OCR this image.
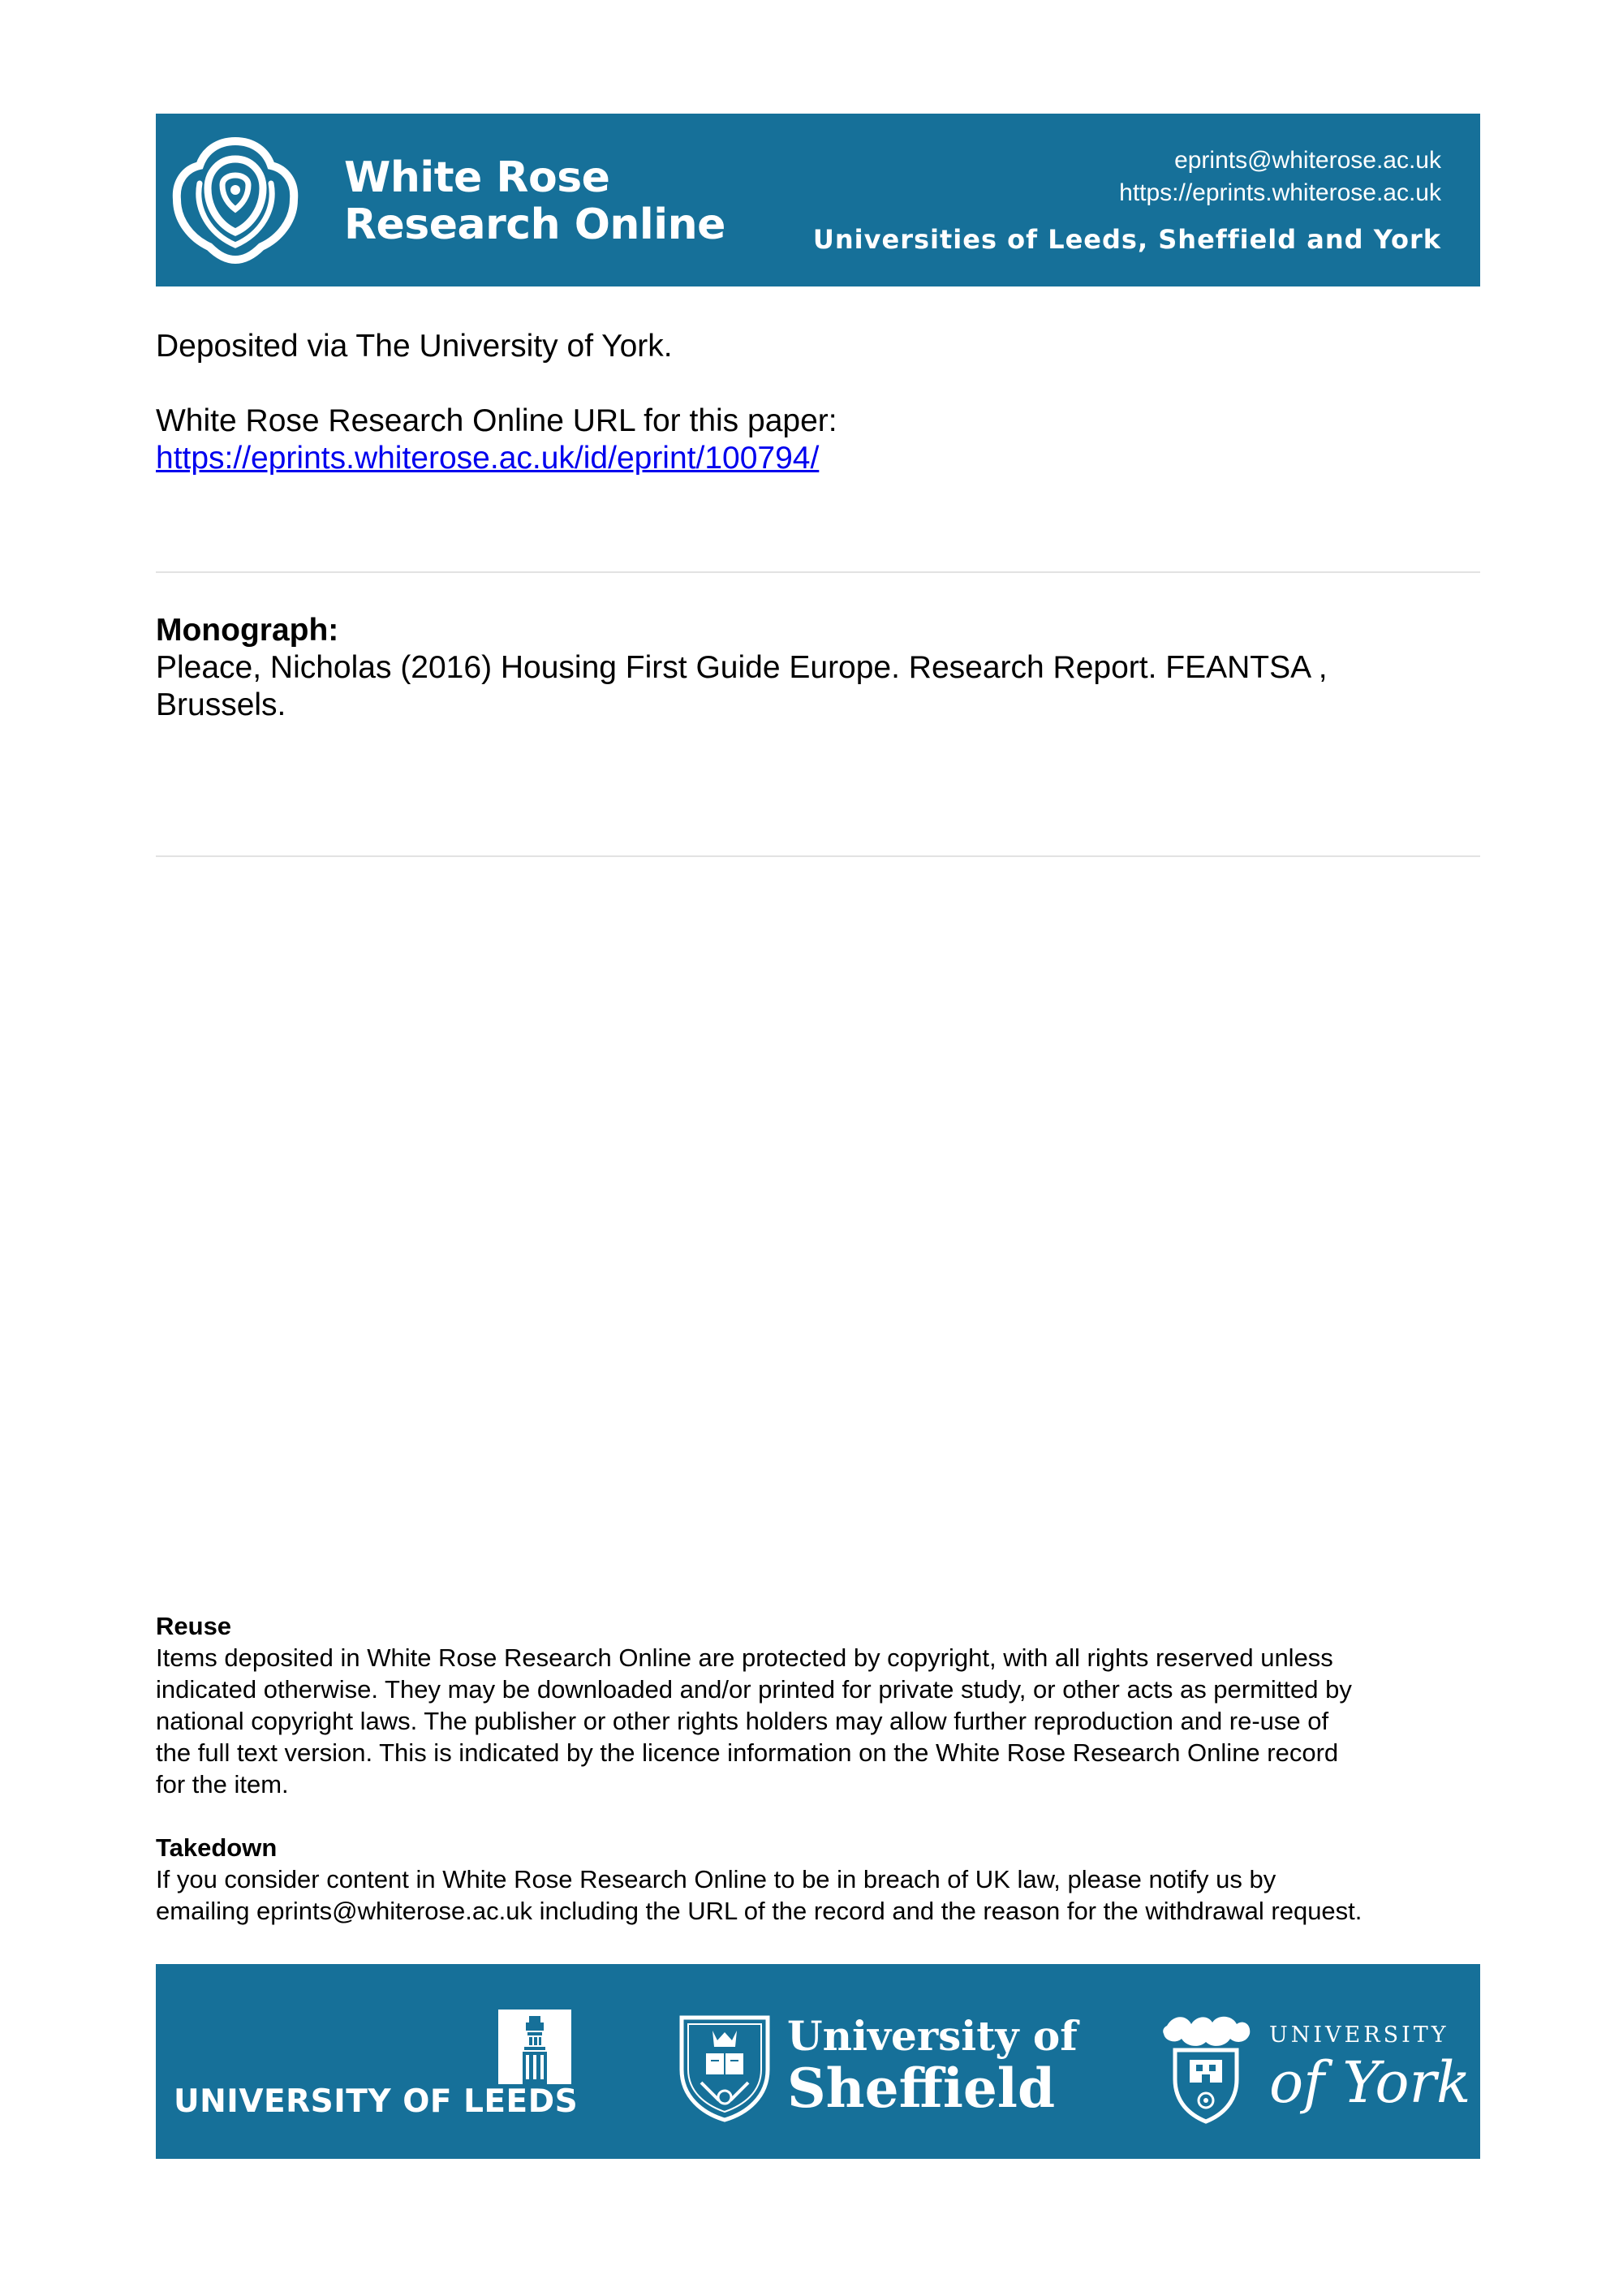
White Rose
Research Online
eprints@whiterose.ac.uk
https://eprints.whiterose.ac.uk
Universities of Leeds, Sheffield and York
Deposited via The University of York.
White Rose Research Online URL for this paper:
https://eprints.whiterose.ac.uk/id/eprint/100794/
Monograph:
Pleace, Nicholas (2016) Housing First Guide Europe. Research Report. FEANTSA ,
Brussels.
Reuse
Items deposited in White Rose Research Online are protected by copyright, with all rights reserved unless
indicated otherwise. They may be downloaded and/or printed for private study, or other acts as permitted by
national copyright laws. The publisher or other rights holders may allow further reproduction and re-use of
the full text version. This is indicated by the licence information on the White Rose Research Online record
for the item.
Takedown
If you consider content in White Rose Research Online to be in breach of UK law, please notify us by
emailing eprints@whiterose.ac.uk including the URL of the record and the reason for the withdrawal request.
UNIVERSITY OF LEEDS
University of
Sheffield
UNIVERSITY
of York
